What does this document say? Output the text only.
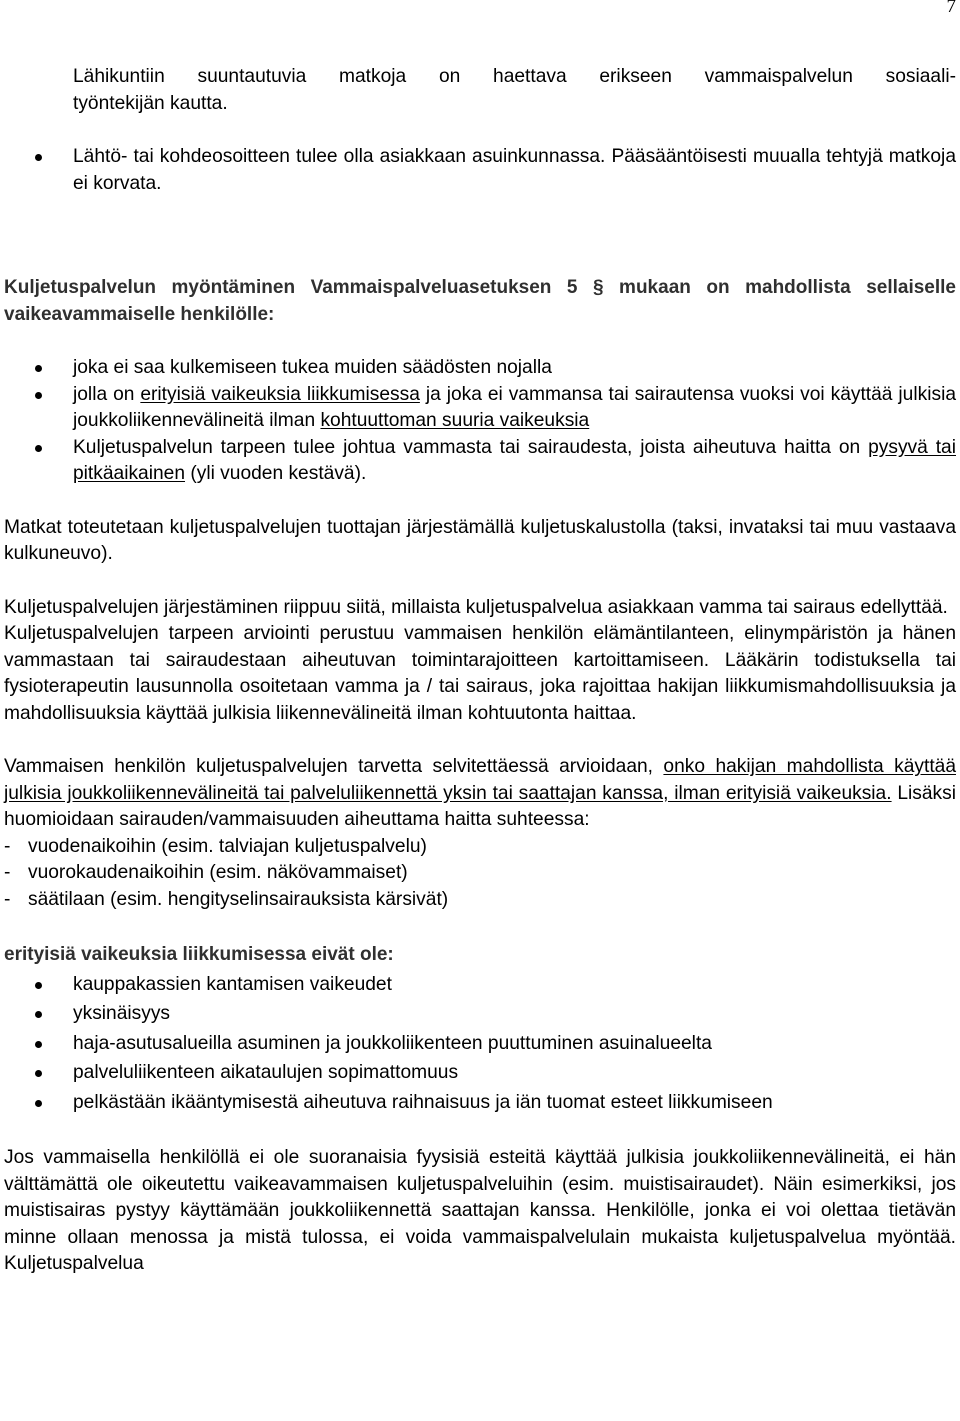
7

Lähikuntiin suuntautuvia matkoja on haettava erikseen vammaispalvelun sosiaali-

työntekijän kautta.

Lähtö- tai kohdeosoitteen tulee olla asiakkaan asuinkunnassa. Pääsääntöisesti muualla tehtyjä matkoja ei korvata.

Kuljetuspalvelun myöntäminen Vammaispalveluasetuksen 5 § mukaan on mahdollista sellaiselle vaikeavammaiselle henkilölle:

joka ei saa kulkemiseen tukea muiden säädösten nojalla
jolla on erityisiä vaikeuksia liikkumisessa ja joka ei vammansa tai sairautensa vuoksi voi käyttää julkisia joukkoliikennevälineitä ilman kohtuuttoman suuria vaikeuksia
Kuljetuspalvelun tarpeen tulee johtua vammasta tai sairaudesta, joista aiheutuva haitta on pysyvä tai pitkäaikainen (yli vuoden kestävä).

Matkat toteutetaan kuljetuspalvelujen tuottajan järjestämällä kuljetuskalustolla (taksi, invataksi tai muu vastaava kulkuneuvo).

Kuljetuspalvelujen järjestäminen riippuu siitä, millaista kuljetuspalvelua asiakkaan vamma tai sairaus edellyttää.

Kuljetuspalvelujen tarpeen arviointi perustuu vammaisen henkilön elämäntilanteen, elinympäristön ja hänen vammastaan tai sairaudestaan aiheutuvan toimintarajoitteen kartoittamiseen. Lääkärin todistuksella tai fysioterapeutin lausunnolla osoitetaan vamma ja / tai sairaus, joka rajoittaa hakijan liikkumismahdollisuuksia ja mahdollisuuksia käyttää julkisia liikennevälineitä ilman kohtuutonta haittaa.

Vammaisen henkilön kuljetuspalvelujen tarvetta selvitettäessä arvioidaan, onko hakijan mahdollista käyttää julkisia joukkoliikennevälineitä tai palveluliikennettä yksin tai saattajan kanssa, ilman erityisiä vaikeuksia. Lisäksi huomioidaan sairauden/vammaisuuden aiheuttama haitta suhteessa:

- vuodenaikoihin (esim. talviajan kuljetuspalvelu)
- vuorokaudenaikoihin (esim. näkövammaiset)
- säätilaan (esim. hengityselinsairauksista kärsivät)

erityisiä vaikeuksia liikkumisessa eivät ole:

kauppakassien kantamisen vaikeudet
yksinäisyys
haja-asutusalueilla asuminen ja joukkoliikenteen puuttuminen asuinalueelta
palveluliikenteen aikataulujen sopimattomuus
pelkästään ikääntymisestä aiheutuva raihnaisuus ja iän tuomat esteet liikkumiseen

Jos vammaisella henkilöllä ei ole suoranaisia fyysisiä esteitä käyttää julkisia joukkoliikennevälineitä, ei hän välttämättä ole oikeutettu vaikeavammaisen kuljetuspalveluihin (esim. muistisairaudet). Näin esimerkiksi, jos muistisairas pystyy käyttämään joukkoliikennettä saattajan kanssa. Henkilölle, jonka ei voi olettaa tietävän minne ollaan menossa ja mistä tulossa, ei voida vammaispalvelulain mukaista kuljetuspalvelua myöntää. Kuljetuspalvelua
